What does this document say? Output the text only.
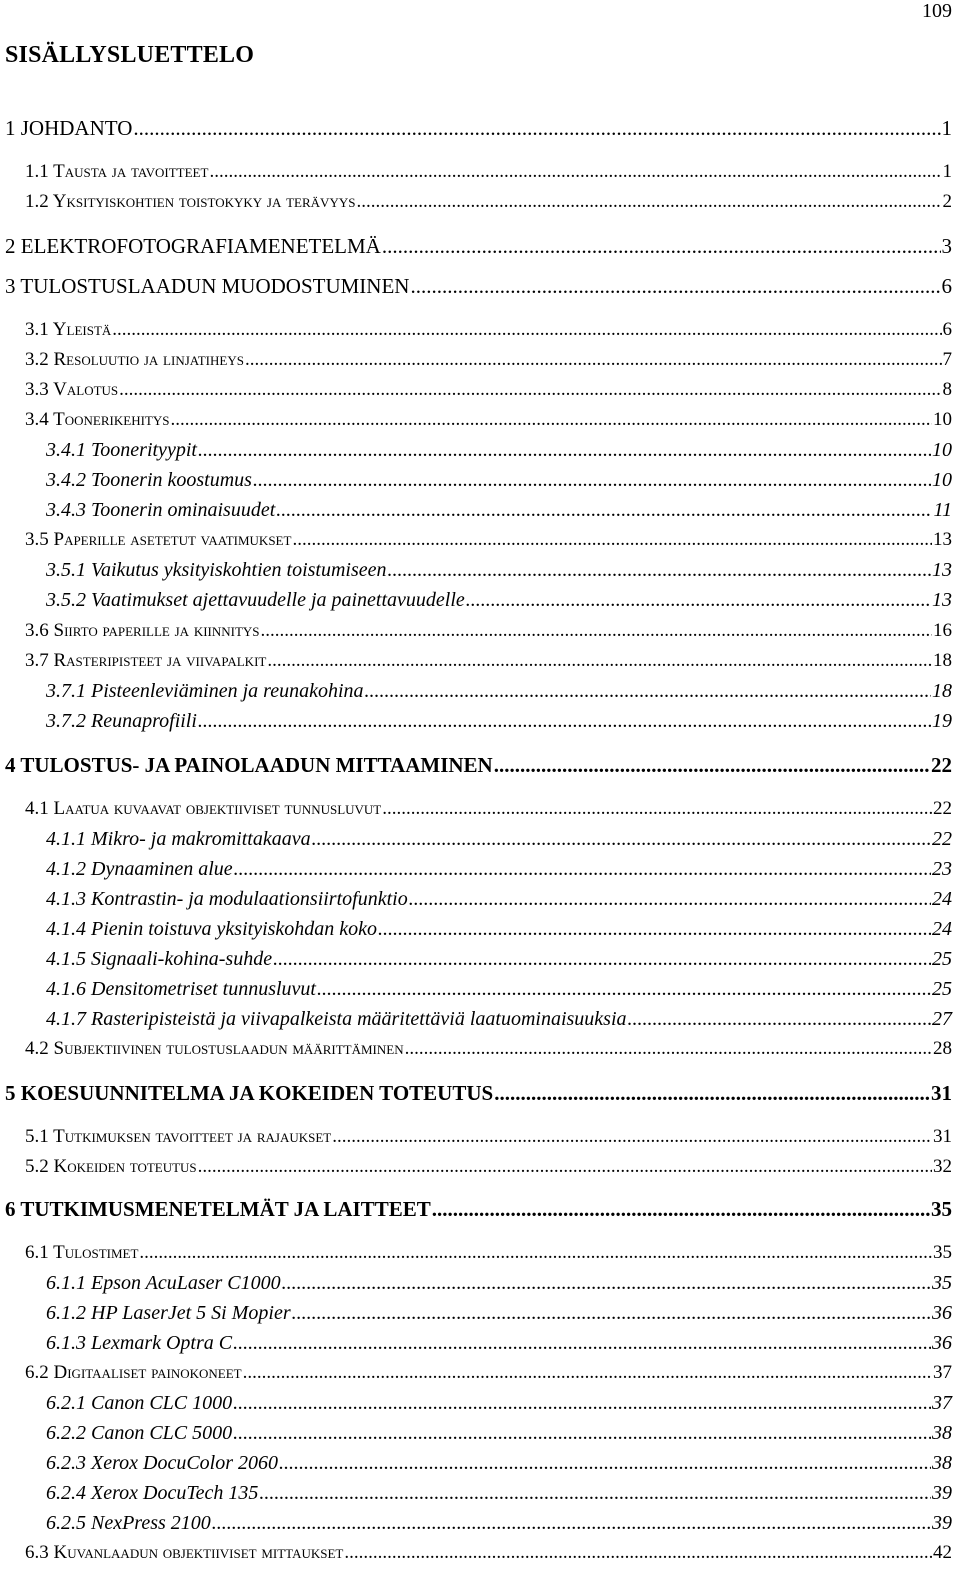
109
SISÄLLYSLUETTELO
1 JOHDANTO .....	1
1.1 Tausta ja tavoitteet .....	1
1.2 Yksityiskohtien toistokyky ja terävyys .....	2
2 ELEKTROFOTOGRAFIAMENETELMÄ .....	3
3 TULOSTUSLAADUN MUODOSTUMINEN .....	6
3.1 Yleistä .....	6
3.2 Resoluutio ja linjatiheys .....	7
3.3 Valotus .....	8
3.4 Toonerikehitys .....	10
3.4.1 Toonerityypit .....	10
3.4.2 Toonerin koostumus .....	10
3.4.3 Toonerin ominaisuudet .....	11
3.5 Paperille asetetut vaatimukset .....	13
3.5.1 Vaikutus yksityiskohtien toistumiseen .....	13
3.5.2 Vaatimukset ajettavuudelle ja painettavuudelle .....	13
3.6 Siirto paperille ja kiinnitys .....	16
3.7 Rasteripisteet ja viivapalkit .....	18
3.7.1 Pisteenleviäminen ja reunakohina .....	18
3.7.2 Reunaprofiili .....	19
4 TULOSTUS- JA PAINOLAADUN MITTAAMINEN .....	22
4.1 Laatua kuvaavat objektiiviset tunnusluvut .....	22
4.1.1 Mikro- ja makromittakaava .....	22
4.1.2 Dynaaminen alue .....	23
4.1.3 Kontrastin- ja modulaationsiirtofunktio .....	24
4.1.4 Pienin toistuva yksityiskohdan koko .....	24
4.1.5 Signaali-kohina-suhde .....	25
4.1.6 Densitometriset tunnusluvut .....	25
4.1.7 Rasteripisteistä ja viivapalkeista määritettäviä laatuominaisuuksia .....	27
4.2 Subjektiivinen tulostuslaadun määrittäminen .....	28
5 KOESUUNNITELMA JA KOKEIDEN TOTEUTUS .....	31
5.1 Tutkimuksen tavoitteet ja rajaukset .....	31
5.2 Kokeiden toteutus .....	32
6 TUTKIMUSMENETELMÄT JA LAITTEET .....	35
6.1 Tulostimet .....	35
6.1.1 Epson AcuLaser C1000 .....	35
6.1.2 HP LaserJet 5 Si Mopier .....	36
6.1.3 Lexmark Optra C .....	36
6.2 Digitaaliset painokoneet .....	37
6.2.1 Canon CLC 1000 .....	37
6.2.2 Canon CLC 5000 .....	38
6.2.3 Xerox DocuColor 2060 .....	38
6.2.4 Xerox DocuTech 135 .....	39
6.2.5 NexPress 2100 .....	39
6.3 Kuvanlaadun objektiiviset mittaukset .....	42
